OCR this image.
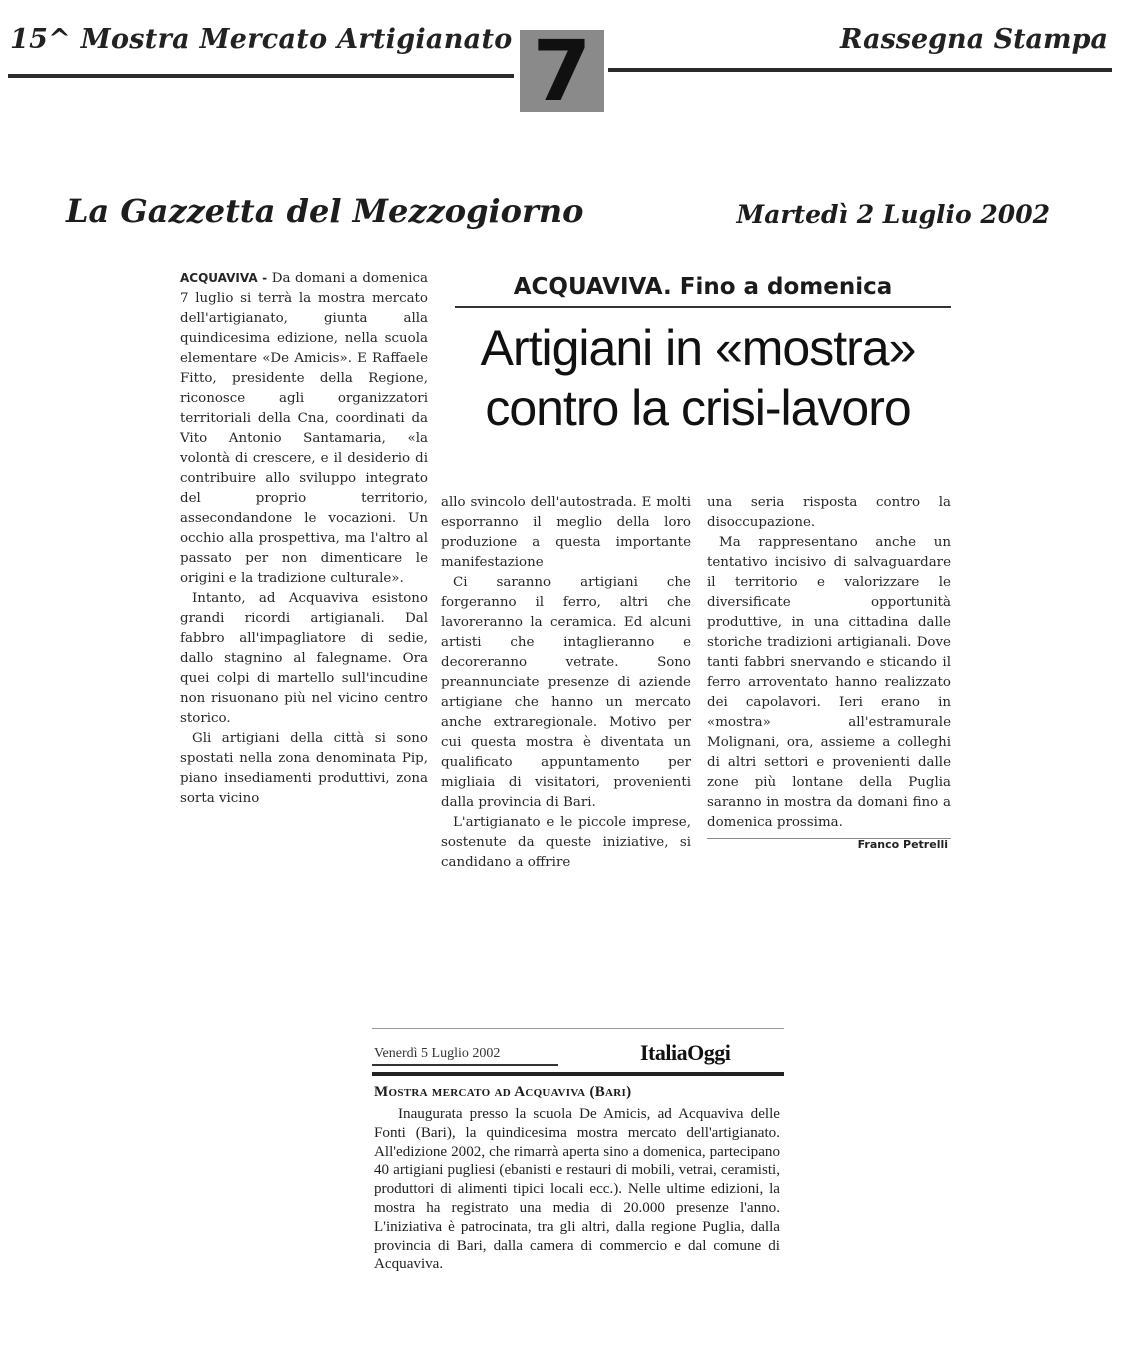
15^ Mostra Mercato Artigianato 7	Rassegna Stampa
La Gazzetta del Mezzogiorno	Martedì 2 Luglio 2002

ACQUAVIVA - Da domani a domenica 7 luglio si terrà la mostra mercato dell'artigianato, giunta alla quindicesima edizione, nella scuola elementare «De Amicis». E Raffaele Fitto, presidente della Regione, riconosce agli organizzatori territoriali della Cna, coordinati da Vito Antonio Santamaria, «la volontà di crescere, e il desiderio di contribuire allo sviluppo integrato del proprio territorio, assecondandone le vocazioni. Un occhio alla prospettiva, ma l'altro al passato per non dimenticare le origini e la tradizione culturale».

Intanto, ad Acquaviva esistono grandi ricordi artigianali. Dal fabbro all'impagliatore di sedie, dallo stagnino al falegname. Ora quei colpi di martello sull'incudine non risuonano più nel vicino centro storico.

Gli artigiani della città si sono spostati nella zona denominata Pip, piano insediamenti produttivi, zona sorta vicino

ACQUAVIVA. Fino a domenica
Artigiani in «mostra» contro la crisi-lavoro

allo svincolo dell'autostrada. E molti esporranno il meglio della loro produzione a questa importante manifestazione

Ci saranno artigiani che forgeranno il ferro, altri che lavoreranno la ceramica. Ed alcuni artisti che intaglieranno e decoreranno vetrate. Sono preannunciate presenze di aziende artigiane che hanno un mercato anche extraregionale. Motivo per cui questa mostra è diventata un qualificato appuntamento per migliaia di visitatori, provenienti dalla provincia di Bari.

L'artigianato e le piccole imprese, sostenute da queste iniziative, si candidano a offrire

una seria risposta contro la disoccupazione.

Ma rappresentano anche un tentativo incisivo di salvaguardare il territorio e valorizzare le diversificate opportunità produttive, in una cittadina dalle storiche tradizioni artigianali. Dove tanti fabbri snervando e sticando il ferro arroventato hanno realizzato dei capolavori. Ieri erano in «mostra» all'estramurale Molignani, ora, assieme a colleghi di altri settori e provenienti dalle zone più lontane della Puglia saranno in mostra da domani fino a domenica prossima.

Franco Petrelli
Venerdì 5 Luglio 2002	ItaliaOggi
Mostra mercato ad Acquaviva (Bari)

Inaugurata presso la scuola De Amicis, ad Acquaviva delle Fonti (Bari), la quindicesima mostra mercato dell'artigianato. All'edizione 2002, che rimarrà aperta sino a domenica, partecipano 40 artigiani pugliesi (ebanisti e restauri di mobili, vetrai, ceramisti, produttori di alimenti tipici locali ecc.). Nelle ultime edizioni, la mostra ha registrato una media di 20.000 presenze l'anno. L'iniziativa è patrocinata, tra gli altri, dalla regione Puglia, dalla provincia di Bari, dalla camera di commercio e dal comune di Acquaviva.
